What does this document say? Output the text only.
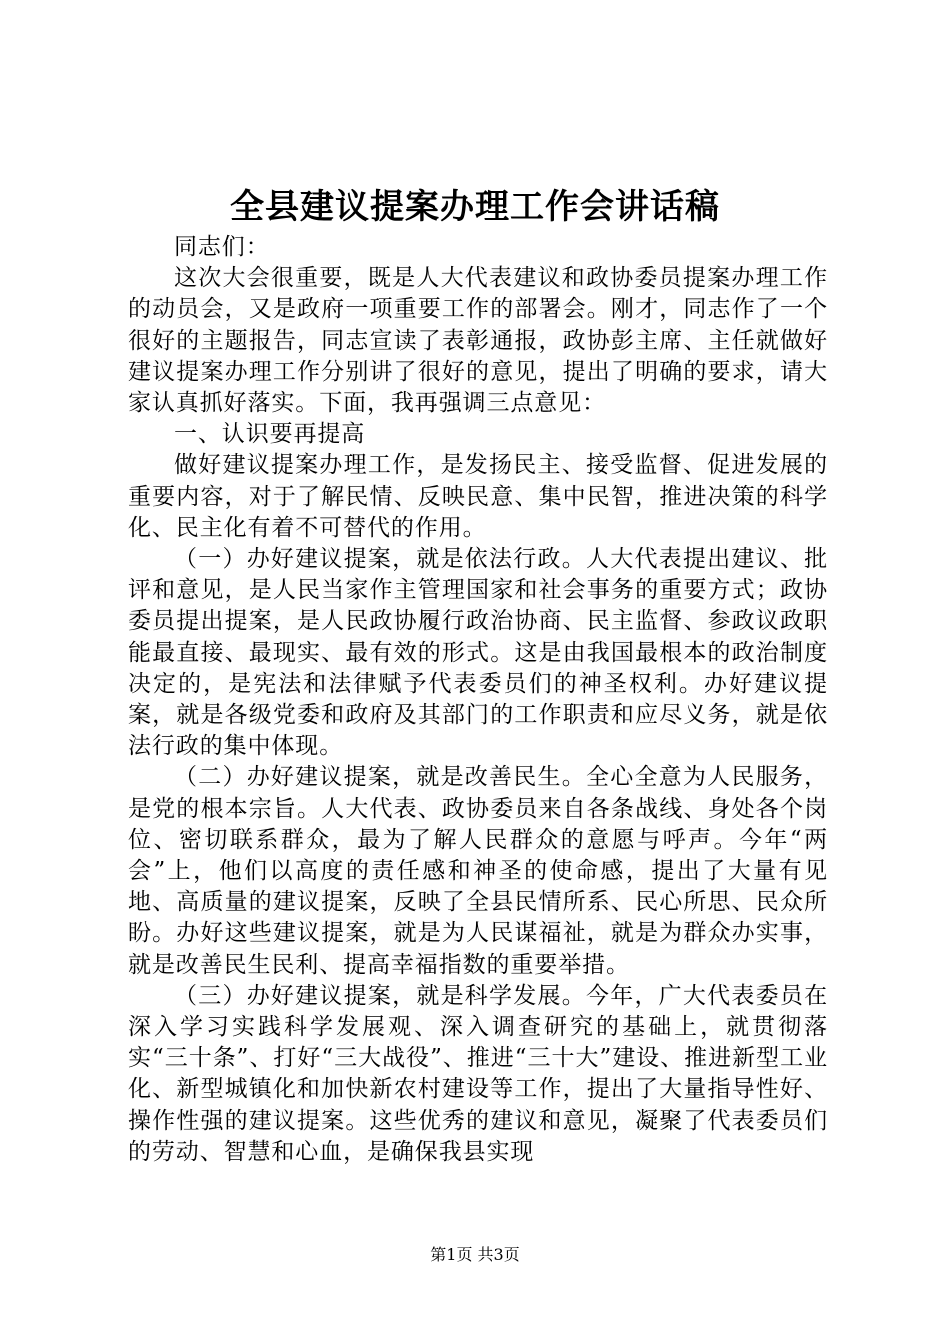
全县建议提案办理工作会讲话稿

同志们：

这次大会很重要，既是人大代表建议和政协委员提案办理工作的动员会，又是政府一项重要工作的部署会。刚才，同志作了一个很好的主题报告，同志宣读了表彰通报，政协彭主席、主任就做好建议提案办理工作分别讲了很好的意见，提出了明确的要求，请大家认真抓好落实。下面，我再强调三点意见：

一、认识要再提高

做好建议提案办理工作，是发扬民主、接受监督、促进发展的重要内容，对于了解民情、反映民意、集中民智，推进决策的科学化、民主化有着不可替代的作用。

（一）办好建议提案，就是依法行政。人大代表提出建议、批评和意见，是人民当家作主管理国家和社会事务的重要方式；政协委员提出提案，是人民政协履行政治协商、民主监督、参政议政职能最直接、最现实、最有效的形式。这是由我国最根本的政治制度决定的，是宪法和法律赋予代表委员们的神圣权利。办好建议提案，就是各级党委和政府及其部门的工作职责和应尽义务，就是依法行政的集中体现。

（二）办好建议提案，就是改善民生。全心全意为人民服务，是党的根本宗旨。人大代表、政协委员来自各条战线、身处各个岗位、密切联系群众，最为了解人民群众的意愿与呼声。今年“两会”上，他们以高度的责任感和神圣的使命感，提出了大量有见地、高质量的建议提案，反映了全县民情所系、民心所思、民众所盼。办好这些建议提案，就是为人民谋福祉，就是为群众办实事，就是改善民生民利、提高幸福指数的重要举措。

（三）办好建议提案，就是科学发展。今年，广大代表委员在深入学习实践科学发展观、深入调查研究的基础上，就贯彻落实“三十条”、打好“三大战役”、推进“三十大”建设、推进新型工业化、新型城镇化和加快新农村建设等工作，提出了大量指导性好、操作性强的建议提案。这些优秀的建议和意见，凝聚了代表委员们的劳动、智慧和心血，是确保我县实现

第1页 共3页
